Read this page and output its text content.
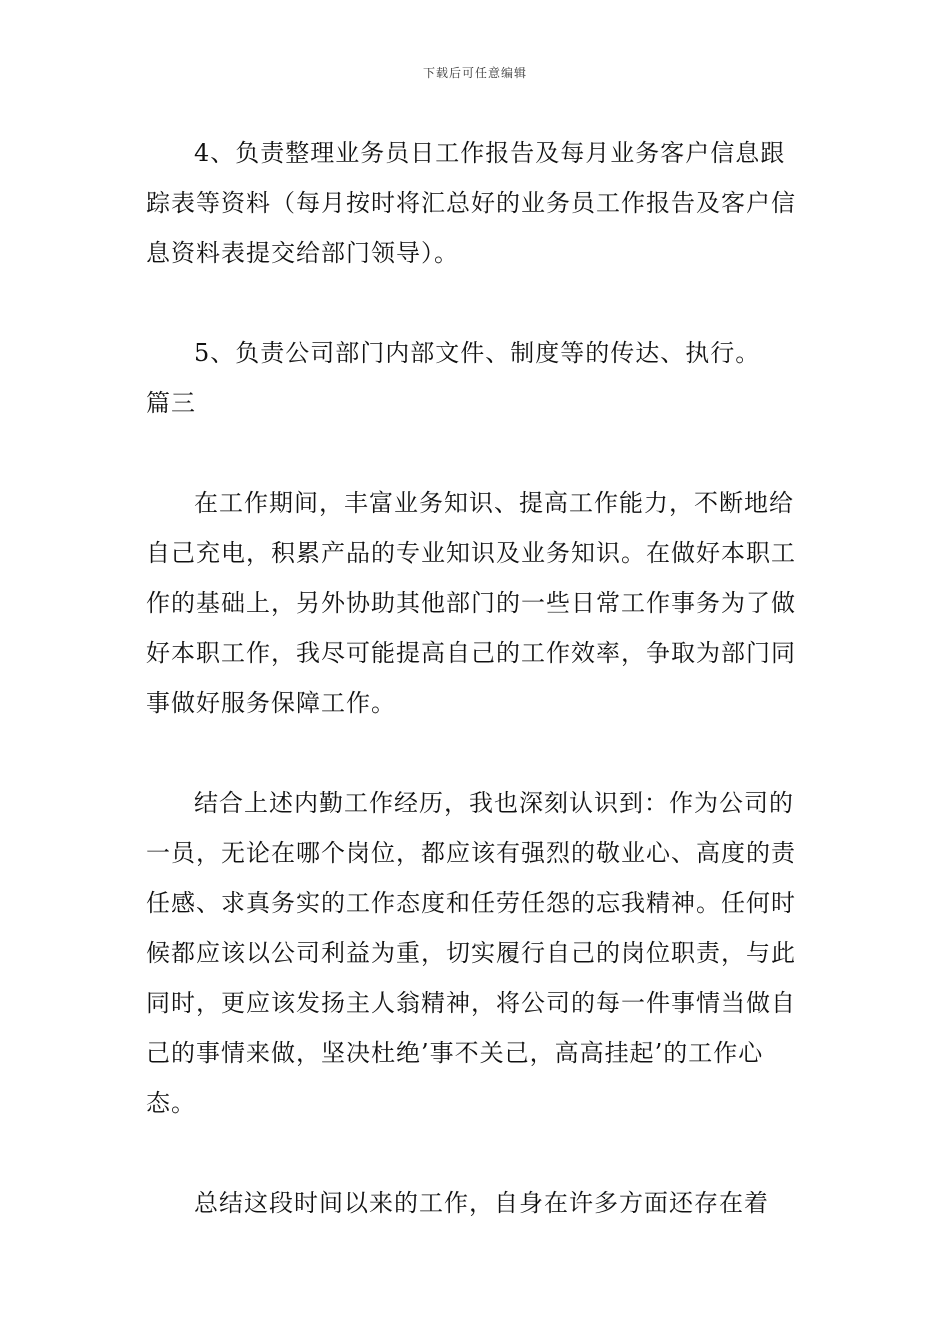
下载后可任意编辑

4、负责整理业务员日工作报告及每月业务客户信息跟踪表等资料（每月按时将汇总好的业务员工作报告及客户信息资料表提交给部门领导）。

5、负责公司部门内部文件、制度等的传达、执行。

篇三

在工作期间，丰富业务知识、提高工作能力，不断地给自己充电，积累产品的专业知识及业务知识。在做好本职工作的基础上，另外协助其他部门的一些日常工作事务为了做好本职工作，我尽可能提高自己的工作效率，争取为部门同事做好服务保障工作。

结合上述内勤工作经历，我也深刻认识到：作为公司的一员，无论在哪个岗位，都应该有强烈的敬业心、高度的责任感、求真务实的工作态度和任劳任怨的忘我精神。任何时候都应该以公司利益为重，切实履行自己的岗位职责，与此同时，更应该发扬主人翁精神，将公司的每一件事情当做自己的事情来做，坚决杜绝’事不关己，高高挂起’的工作心态。

总结这段时间以来的工作，自身在许多方面还存在着
